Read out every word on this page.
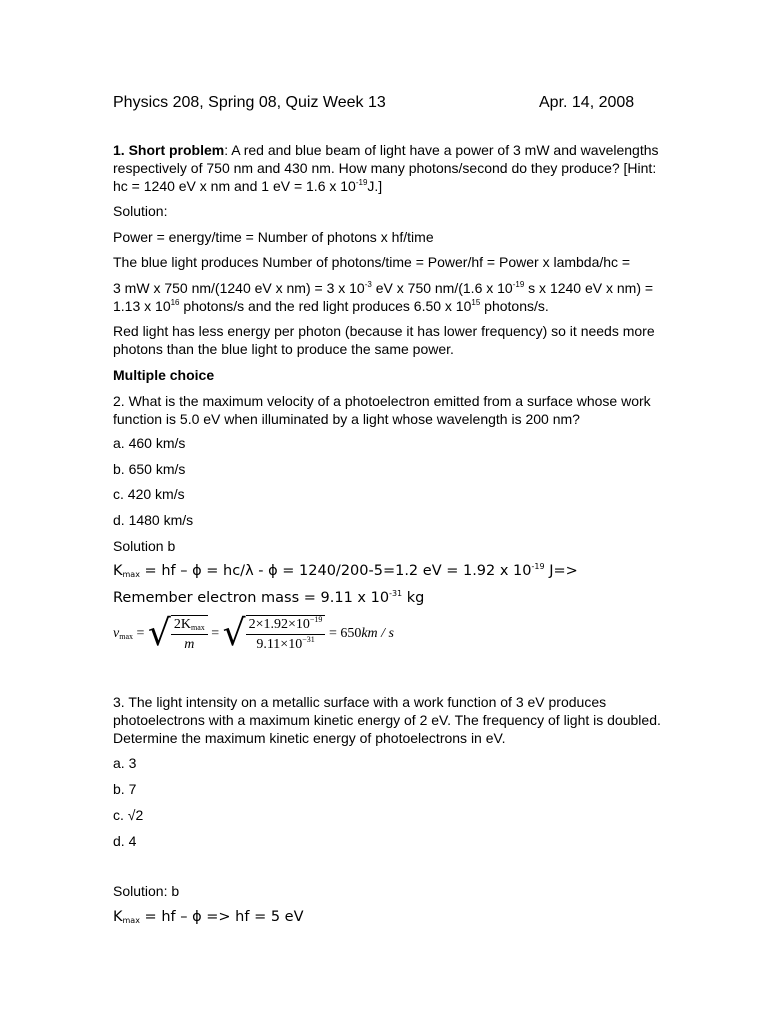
Physics 208, Spring 08, Quiz Week 13	Apr. 14, 2008
1. Short problem: A red and blue beam of light have a power of 3 mW and wavelengths respectively of 750 nm and 430 nm. How many photons/second do they produce? [Hint: hc = 1240 eV x nm and 1 eV = 1.6 x $10^{-19}J$.]
Solution:
Power = energy/time = Number of photons x hf/time
The blue light produces Number of photons/time = Power/hf = Power x lambda/hc =
3 mW x 750 nm/(1240 eV x nm) = 3 x $10^{-3}$ eV x 750 nm/(1.6 x $10^{-19}$ s x 1240 eV x nm) = 1.13 x $10^{16}$ photons/s and the red light produces 6.50 x $10^{15}$ photons/s.
Red light has less energy per photon (because it has lower frequency) so it needs more photons than the blue light to produce the same power.
Multiple choice
2. What is the maximum velocity of a photoelectron emitted from a surface whose work function is 5.0 eV when illuminated by a light whose wavelength is 200 nm?
a. 460 km/s
b. 650 km/s
c. 420 km/s
d. 1480 km/s
Solution b
$K_{max}$ = hf – ϕ = hc/λ - ϕ = 1240/200-5=1.2 eV = 1.92 x $10^{-19}$ J=>
Remember electron mass = 9.11 x $10^{-31}$ kg
$v_{max}$ = √ $\frac{2K_{max}}{m}$ = √ $\frac{2\times 1.92\times 10^{-19}}{9.11\times 10^{-31}} = 650km / s$
3. The light intensity on a metallic surface with a work function of 3 eV produces photoelectrons with a maximum kinetic energy of 2 eV. The frequency of light is doubled. Determine the maximum kinetic energy of photoelectrons in eV.
a. 3
b. 7
c. √2
d. 4
Solution: b
$K_{max}$ = hf – ϕ => hf = 5 eV
